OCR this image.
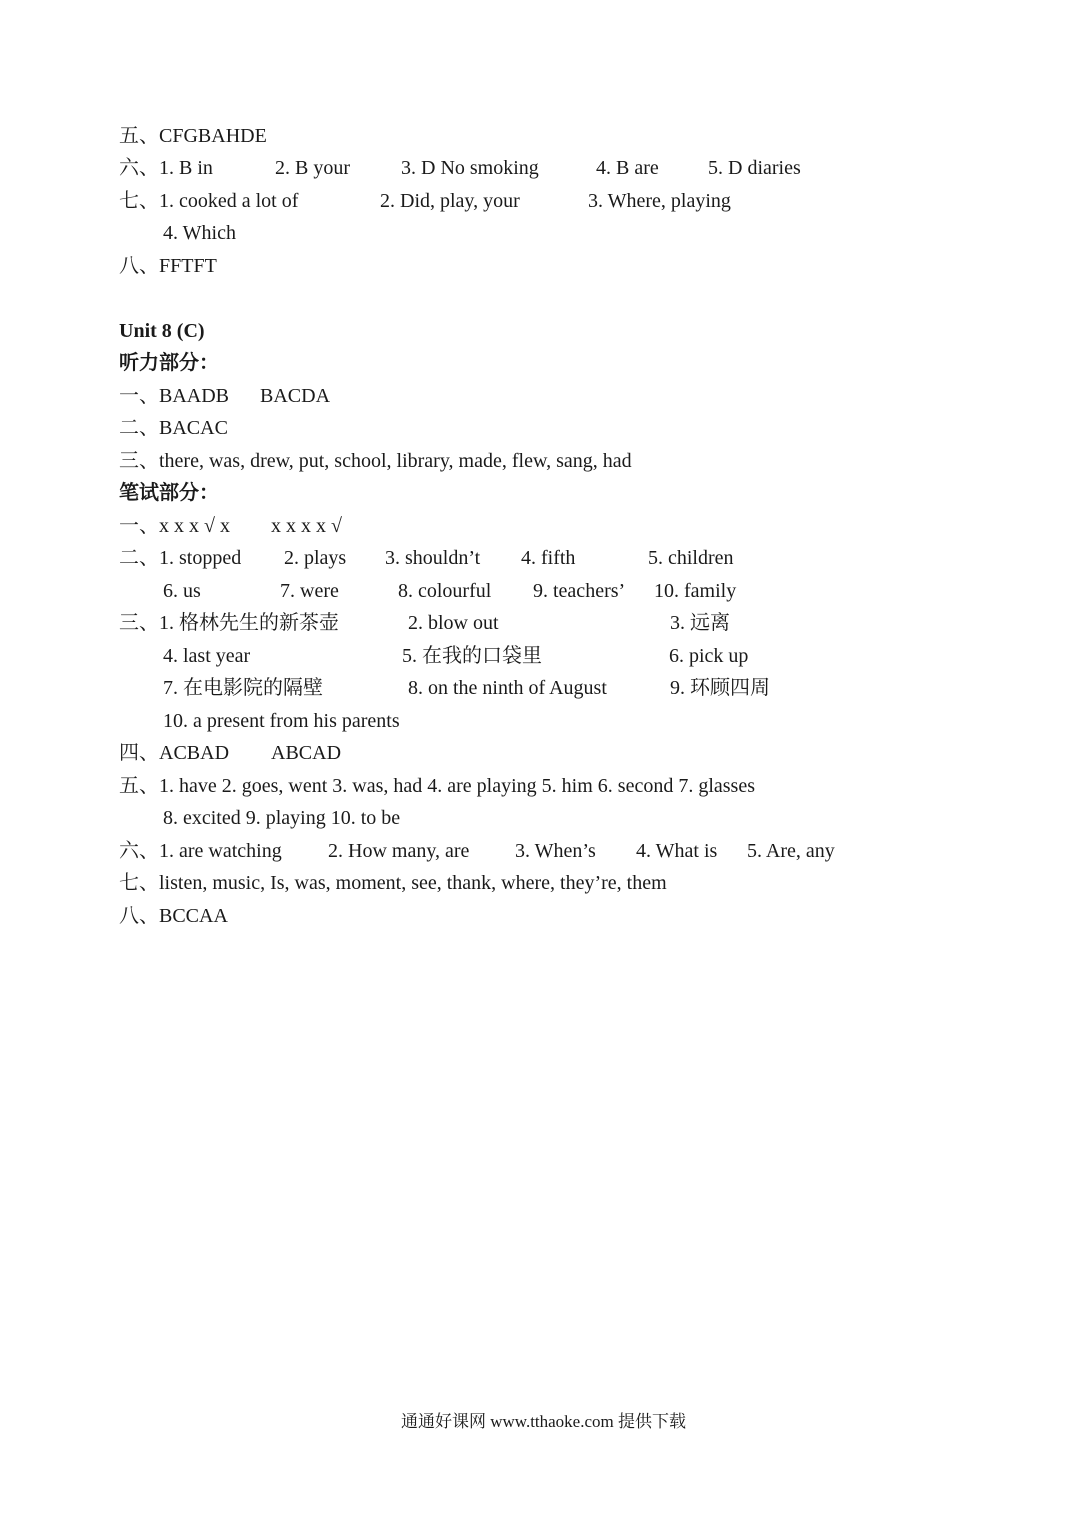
五、CFGBAHDE
六、1. B in	2. B your	3. D No smoking	4. B are 5. D diaries
七、1. cooked a lot of	2. Did, play, your	3. Where, playing
4. Which
八、FFTFT
Unit 8 (C)
听力部分：
一、BAADB BACDA
二、BACAC
三、there, was, drew, put, school, library, made, flew, sang, had
笔试部分：
一、x x x √ x x x x x √
二、1. stopped 2. plays 3. shouldn’t 4. fifth	5. children
6. us	7. were	8. colourful 9. teachers’ 10. family
三、1. 格林先生的新茶壶	2. blow out	3. 远离
4. last year	5. 在我的口袋里	6. pick up
7. 在电影院的隔壁	8. on the ninth of August	9. 环顾四周
10. a present from his parents
四、ACBAD ABCAD
五、1. have 2. goes, went 3. was, had 4. are playing 5. him 6. second 7. glasses
8. excited 9. playing 10. to be
六、1. are watching 2. How many, are 3. When’s 4. What is 5. Are, any
七、listen, music, Is, was, moment, see, thank, where, they’re, them
八、BCCAA
通通好课网 www.tthaoke.com 提供下载
